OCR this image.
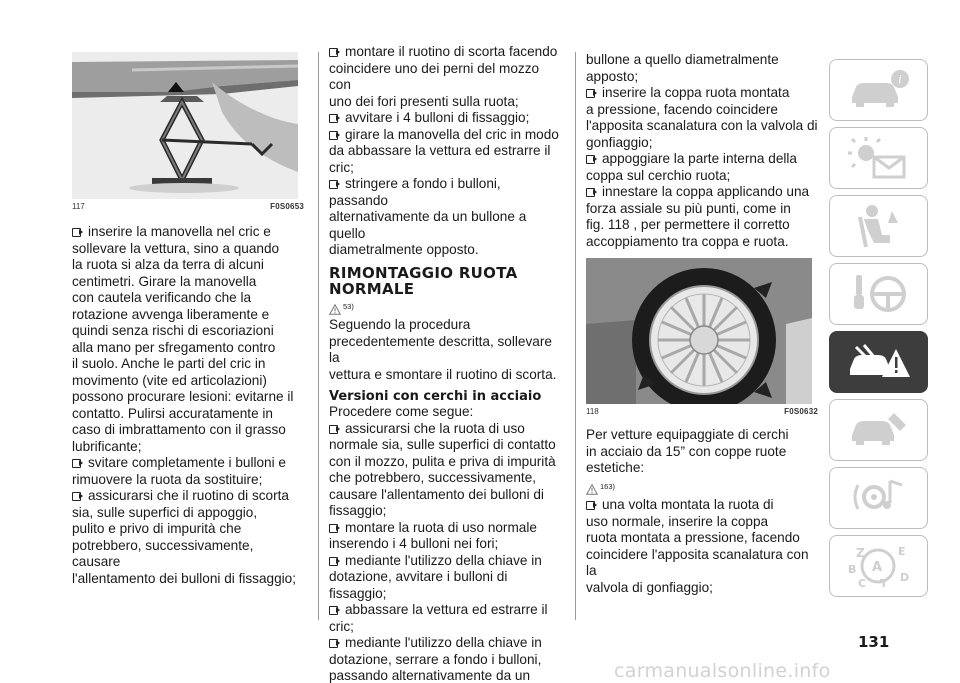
117	F0S0653

inserire la manovella nel cric e
sollevare la vettura, sino a quando
la ruota si alza da terra di alcuni
centimetri. Girare la manovella
con cautela verificando che la
rotazione avvenga liberamente e
quindi senza rischi di escoriazioni
alla mano per sfregamento contro
il suolo. Anche le parti del cric in
movimento (vite ed articolazioni)
possono procurare lesioni: evitarne il
contatto. Pulirsi accuratamente in
caso di imbrattamento con il grasso
lubrificante;

svitare completamente i bulloni e
rimuovere la ruota da sostituire;

assicurarsi che il ruotino di scorta
sia, sulle superfici di appoggio,
pulito e privo di impurità che
potrebbero, successivamente, causare
l'allentamento dei bulloni di fissaggio;

montare il ruotino di scorta facendo
coincidere uno dei perni del mozzo con
uno dei fori presenti sulla ruota;

avvitare i 4 bulloni di fissaggio;

girare la manovella del cric in modo
da abbassare la vettura ed estrarre il
cric;

stringere a fondo i bulloni, passando
alternativamente da un bullone a quello
diametralmente opposto.

RIMONTAGGIO RUOTA
NORMALE
53)

Seguendo la procedura
precedentemente descritta, sollevare la
vettura e smontare il ruotino di scorta.

Versioni con cerchi in acciaio

Procedere come segue:

assicurarsi che la ruota di uso
normale sia, sulle superfici di contatto
con il mozzo, pulita e priva di impurità
che potrebbero, successivamente,
causare l'allentamento dei bulloni di
fissaggio;

montare la ruota di uso normale
inserendo i 4 bulloni nei fori;

mediante l'utilizzo della chiave in
dotazione, avvitare i bulloni di fissaggio;

abbassare la vettura ed estrarre il
cric;

mediante l'utilizzo della chiave in
dotazione, serrare a fondo i bulloni,
passando alternativamente da un

bullone a quello diametralmente
apposto;

inserire la coppa ruota montata
a pressione, facendo coincidere
l'apposita scanalatura con la valvola di
gonfiaggio;

appoggiare la parte interna della
coppa sul cerchio ruota;

innestare la coppa applicando una
forza assiale su più punti, come in
fig. 118 , per permettere il corretto
accoppiamento tra coppa e ruota.

118	F0S0632

Per vetture equipaggiate di cerchi
in acciaio da 15” con coppe ruote
estetiche:

163)

una volta montata la ruota di
uso normale, inserire la coppa
ruota montata a pressione, facendo
coincidere l'apposita scanalatura con la
valvola di gonfiaggio;

i
Z	E
A
B
C	D
T
131
carmanualsonline.info
